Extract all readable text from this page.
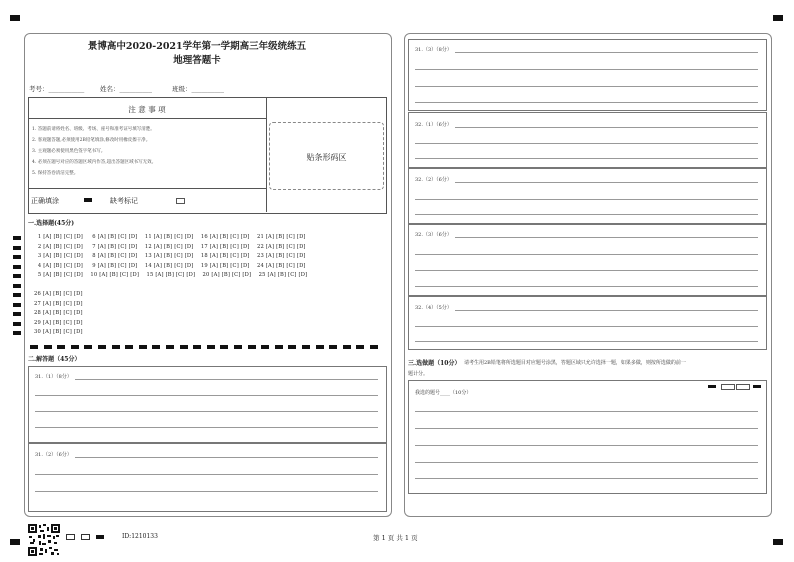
景博高中2020-2021学年第一学期高三年级统练五
地理答题卡
考号：___________ 姓名：__________	班级：__________
注 意 事 项
1. 答题前请将姓名、班级、考场、座号和准考证号填写清楚。
2. 客观题答题,必须使用2B铅笔填涂,修改时用橡皮擦干净。
3. 主观题必须使用黑色签字笔书写。
4. 必须在题号对应的答题区域内作答,超出答题区域书写无效。
5. 保持答卷清洁完整。
正确填涂	缺考标记
贴条形码区
一.选择题(45分)
1 [A] [B] [C] [D]     6 [A] [B] [C] [D]    11 [A] [B] [C] [D]    16 [A] [B] [C] [D]    21 [A] [B] [C] [D]
2 [A] [B] [C] [D]     7 [A] [B] [C] [D]    12 [A] [B] [C] [D]    17 [A] [B] [C] [D]    22 [A] [B] [C] [D]
3 [A] [B] [C] [D]     8 [A] [B] [C] [D]    13 [A] [B] [C] [D]    18 [A] [B] [C] [D]    23 [A] [B] [C] [D]
4 [A] [B] [C] [D]     9 [A] [B] [C] [D]    14 [A] [B] [C] [D]    19 [A] [B] [C] [D]    24 [A] [B] [C] [D]
5 [A] [B] [C] [D]    10 [A] [B] [C] [D]    15 [A] [B] [C] [D]    20 [A] [B] [C] [D]    25 [A] [B] [C] [D]
26 [A] [B] [C] [D]
27 [A] [B] [C] [D]
28 [A] [B] [C] [D]
29 [A] [B] [C] [D]
30 [A] [B] [C] [D]
二.解答题（45分）
31.（1）（8分）
31.（2）（6分）
31.（3）（8分）
32.（1）（6分）
32.（2）（6分）
32.（3）（6分）
32.（4）（5分）
三.选做题（10分） 请考生用2B铅笔将所选题目对应题号涂黑，答题区域只允许选择一题，如果多做，则按所选做的前一
题计分。
我选的题号____（10分）
ID:1210133	第 1 页 共 1 页
